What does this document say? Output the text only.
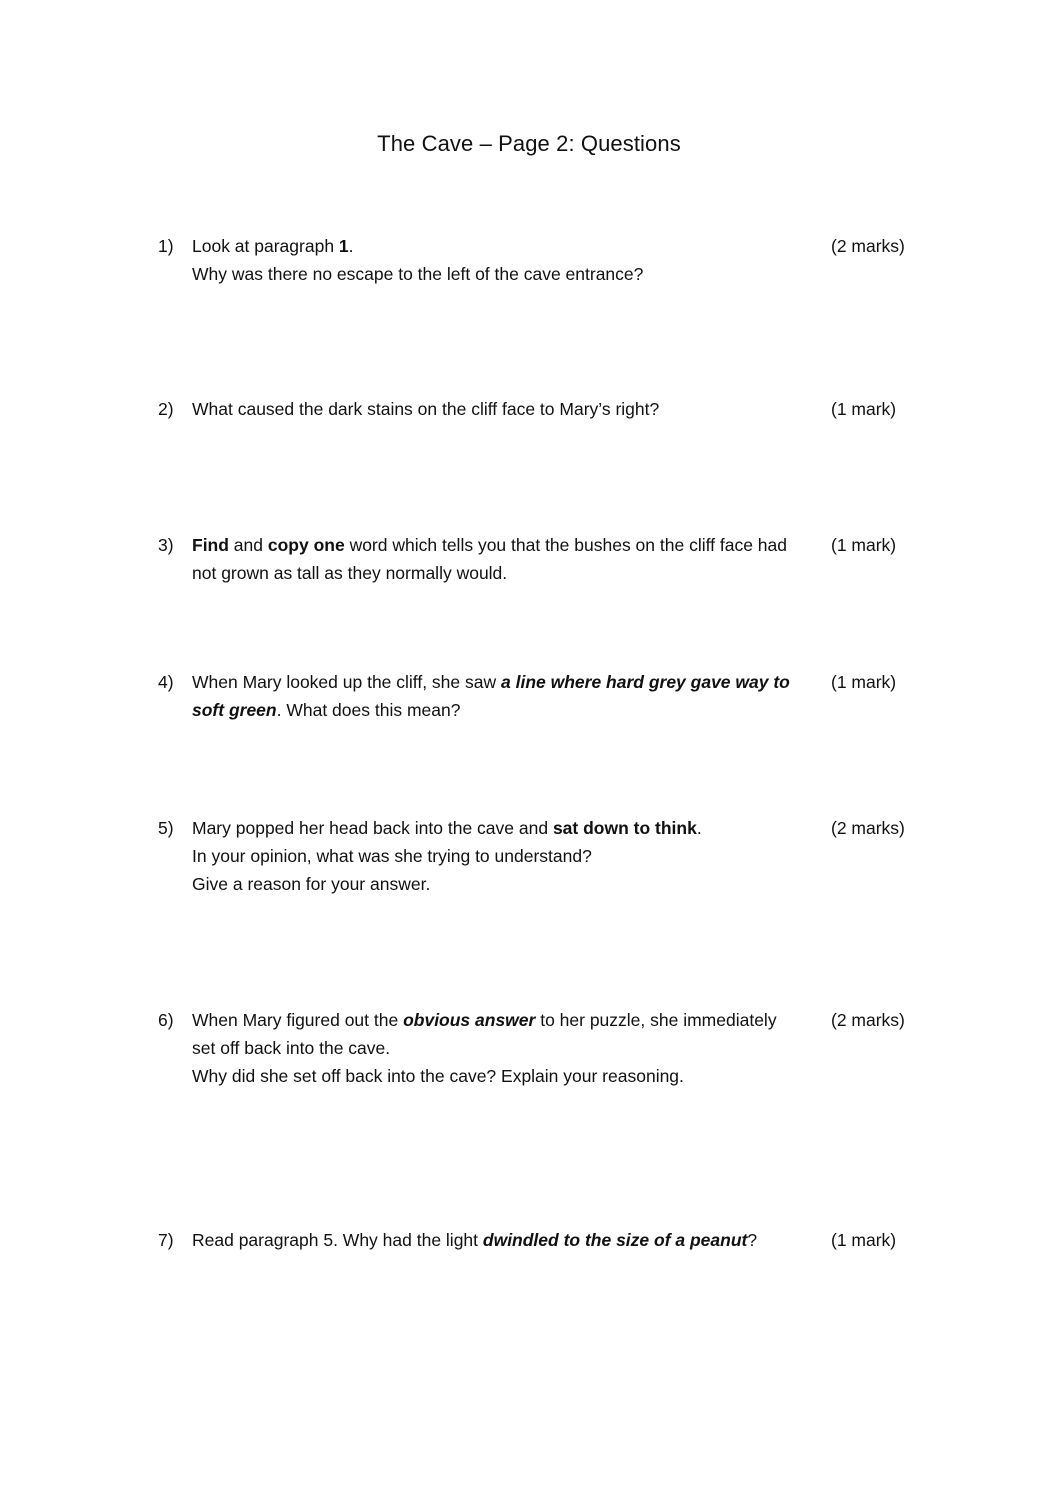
The Cave – Page 2: Questions
1)	Look at paragraph 1.
Why was there no escape to the left of the cave entrance?
(2 marks)
2)	What caused the dark stains on the cliff face to Mary’s right?	(1 mark)
3)	Find and copy one word which tells you that the bushes on the cliff face had
not grown as tall as they normally would.
(1 mark)
4)	When Mary looked up the cliff, she saw a line where hard grey gave way to
soft green. What does this mean?
(1 mark)
5)	Mary popped her head back into the cave and sat down to think.
In your opinion, what was she trying to understand?
Give a reason for your answer.
(2 marks)
6)	When Mary figured out the obvious answer to her puzzle, she immediately
set off back into the cave.
Why did she set off back into the cave? Explain your reasoning.
(2 marks)
7)	Read paragraph 5. Why had the light dwindled to the size of a peanut?	(1 mark)
